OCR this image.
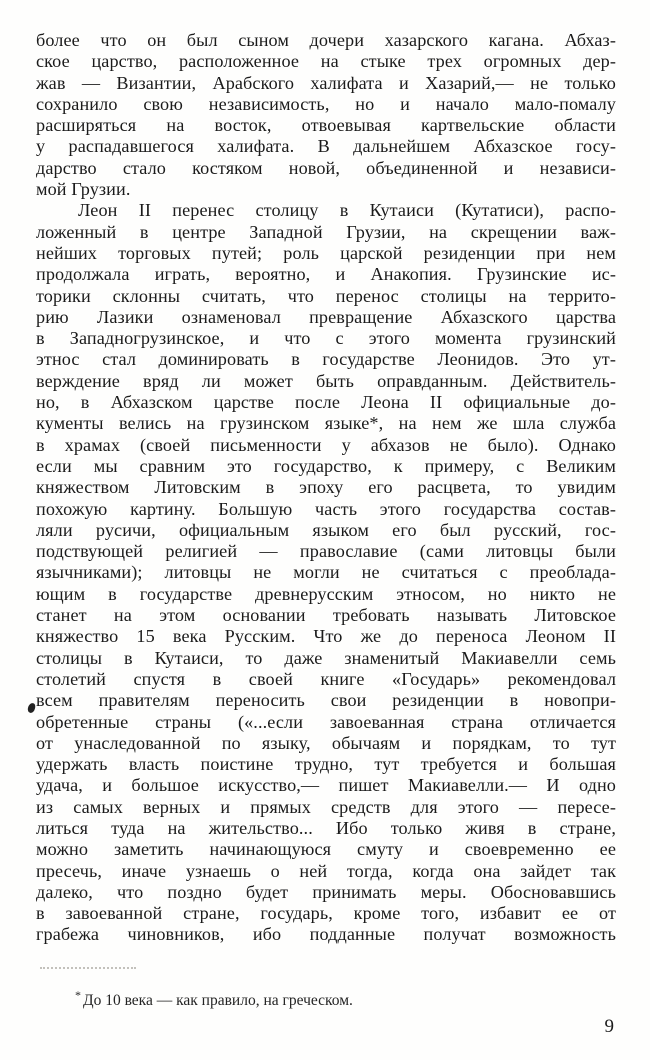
более что он был сыном дочери хазарского кагана. Абхаз-
ское царство, расположенное на стыке трех огромных дер-
жав — Византии, Арабского халифата и Хазарий,— не только
сохранило свою независимость, но и начало мало-помалу
расширяться на восток, отвоевывая картвельские области
у распадавшегося халифата. В дальнейшем Абхазское госу-
дарство стало костяком новой, объединенной и независи-
мой Грузии.
Леон II перенес столицу в Кутаиси (Кутатиси), распо-
ложенный в центре Западной Грузии, на скрещении важ-
нейших торговых путей; роль царской резиденции при нем
продолжала играть, вероятно, и Анакопия. Грузинские ис-
торики склонны считать, что перенос столицы на террито-
рию Лазики ознаменовал превращение Абхазского царства
в Западногрузинское, и что с этого момента грузинский
этнос стал доминировать в государстве Леонидов. Это ут-
верждение вряд ли может быть оправданным. Действитель-
но, в Абхазском царстве после Леона II официальные до-
кументы велись на грузинском языке*, на нем же шла служба
в храмах (своей письменности у абхазов не было). Однако
если мы сравним это государство, к примеру, с Великим
княжеством Литовским в эпоху его расцвета, то увидим
похожую картину. Большую часть этого государства состав-
ляли русичи, официальным языком его был русский, гос-
подствующей религией — православие (сами литовцы были
язычниками); литовцы не могли не считаться с преоблада-
ющим в государстве древнерусским этносом, но никто не
станет на этом основании требовать называть Литовское
княжество 15 века Русским. Что же до переноса Леоном II
столицы в Кутаиси, то даже знаменитый Макиавелли семь
столетий спустя в своей книге «Государь» рекомендовал
всем правителям переносить свои резиденции в новопри-
обретенные страны («...если завоеванная страна отличается
от унаследованной по языку, обычаям и порядкам, то тут
удержать власть поистине трудно, тут требуется и большая
удача, и большое искусство,— пишет Макиавелли.— И одно
из самых верных и прямых средств для этого — пересе-
литься туда на жительство... Ибо только живя в стране,
можно заметить начинающуюся смуту и своевременно ее
пресечь, иначе узнаешь о ней тогда, когда она зайдет так
далеко, что поздно будет принимать меры. Обосновавшись
в завоеванной стране, государь, кроме того, избавит ее от
грабежа чиновников, ибо подданные получат возможность
* До 10 века — как правило, на греческом.
9
